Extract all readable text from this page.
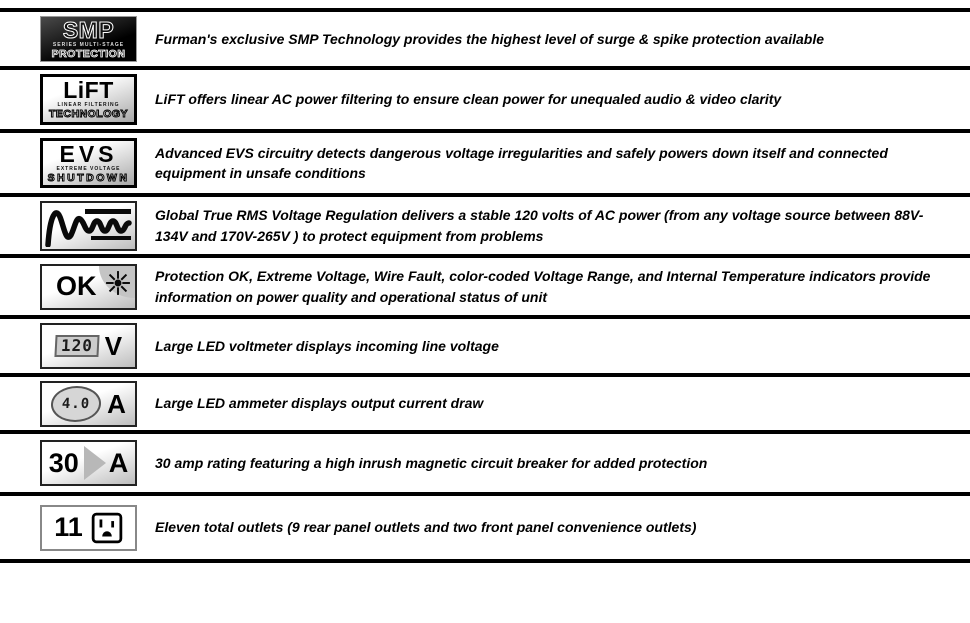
SMP
SERIES MULTI-STAGE
PROTECTION
Furman's exclusive SMP Technology provides the highest level of surge & spike protection available
LiFT
LINEAR FILTERING
TECHNOLOGY
LiFT offers linear AC power filtering to ensure clean power for unequaled audio & video clarity
EVS
EXTREME VOLTAGE
SHUTDOWN
Advanced EVS circuitry detects dangerous voltage irregularities and safely powers down itself and connected equipment in unsafe conditions
Global True RMS Voltage Regulation delivers a stable 120 volts of AC power (from any voltage source between 88V-134V and 170V-265V ) to protect equipment from problems
OK	Protection OK, Extreme Voltage, Wire Fault, color-coded Voltage Range, and Internal Temperature indicators provide information on power quality and operational status of unit
120 V Large LED voltmeter displays incoming line voltage
4.0 A Large LED ammeter displays output current draw
30 A 30 amp rating featuring a high inrush magnetic circuit breaker for added protection
11	Eleven total outlets (9 rear panel outlets and two front panel convenience outlets)
